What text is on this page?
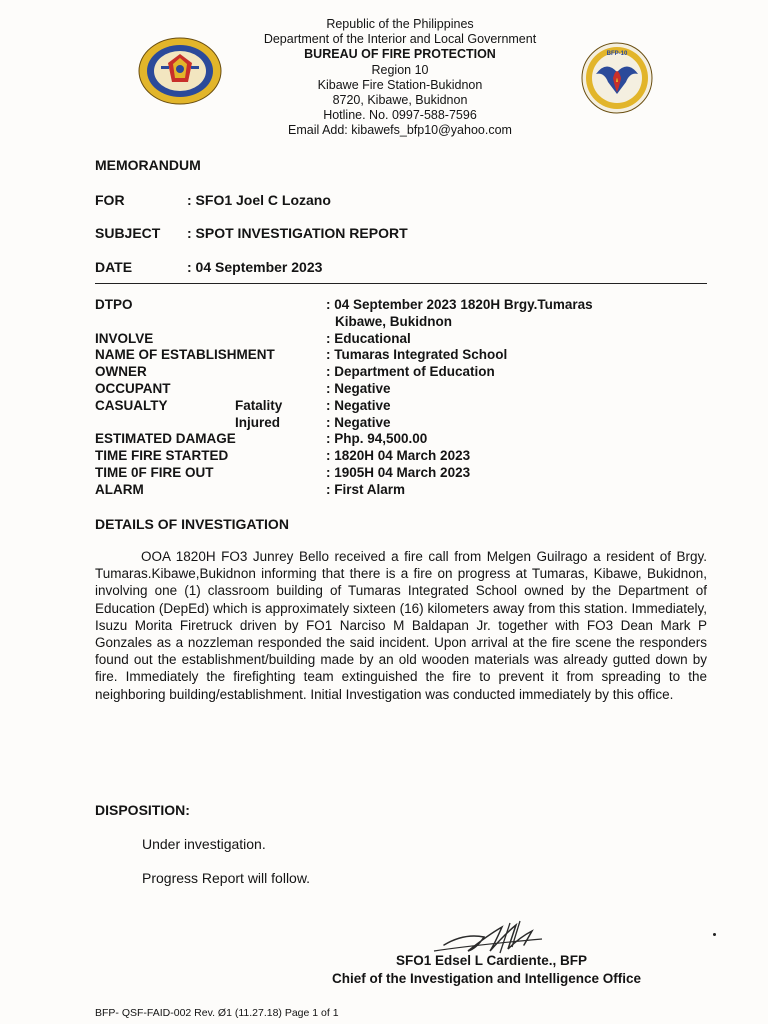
BFP-10
Republic of the Philippines
Department of the Interior and Local Government
BUREAU OF FIRE PROTECTION
Region 10
Kibawe Fire Station-Bukidnon
8720, Kibawe, Bukidnon
Hotline. No. 0997-588-7596
Email Add: kibawefs_bfp10@yahoo.com
MEMORANDUM
FOR	: SFO1 Joel C Lozano
SUBJECT : SPOT INVESTIGATION REPORT
DATE	: 04 September 2023
DTPO	: 04 September 2023 1820H Brgy.Tumaras
Kibawe, Bukidnon
INVOLVE	: Educational
NAME OF ESTABLISHMENT	: Tumaras Integrated School
OWNER	: Department of Education
OCCUPANT	: Negative
CASUALTY	Fatality	: Negative
Injured	: Negative
ESTIMATED DAMAGE	: Php. 94,500.00
TIME FIRE STARTED	: 1820H 04 March 2023
TIME 0F FIRE OUT	: 1905H 04 March 2023
ALARM	: First Alarm
DETAILS OF INVESTIGATION
OOA 1820H FO3 Junrey Bello received a fire call from Melgen Guilrago a resident of Brgy. Tumaras.Kibawe,Bukidnon informing that there is a fire on progress at Tumaras, Kibawe, Bukidnon, involving one (1) classroom building of Tumaras Integrated School owned by the Department of Education (DepEd) which is approximately sixteen (16) kilometers away from this station. Immediately, Isuzu Morita Firetruck driven by FO1 Narciso M Baldapan Jr. together with FO3 Dean Mark P Gonzales as a nozzleman responded the said incident. Upon arrival at the fire scene the responders found out the establishment/building made by an old wooden materials was already gutted down by fire. Immediately the firefighting team extinguished the fire to prevent it from spreading to the neighboring building/establishment. Initial Investigation was conducted immediately by this office.
DISPOSITION:
Under investigation.
Progress Report will follow.
SFO1 Edsel L Cardiente., BFP
Chief of the Investigation and Intelligence Office
BFP- QSF-FAID-002 Rev. Ø1 (11.27.18) Page 1 of 1
